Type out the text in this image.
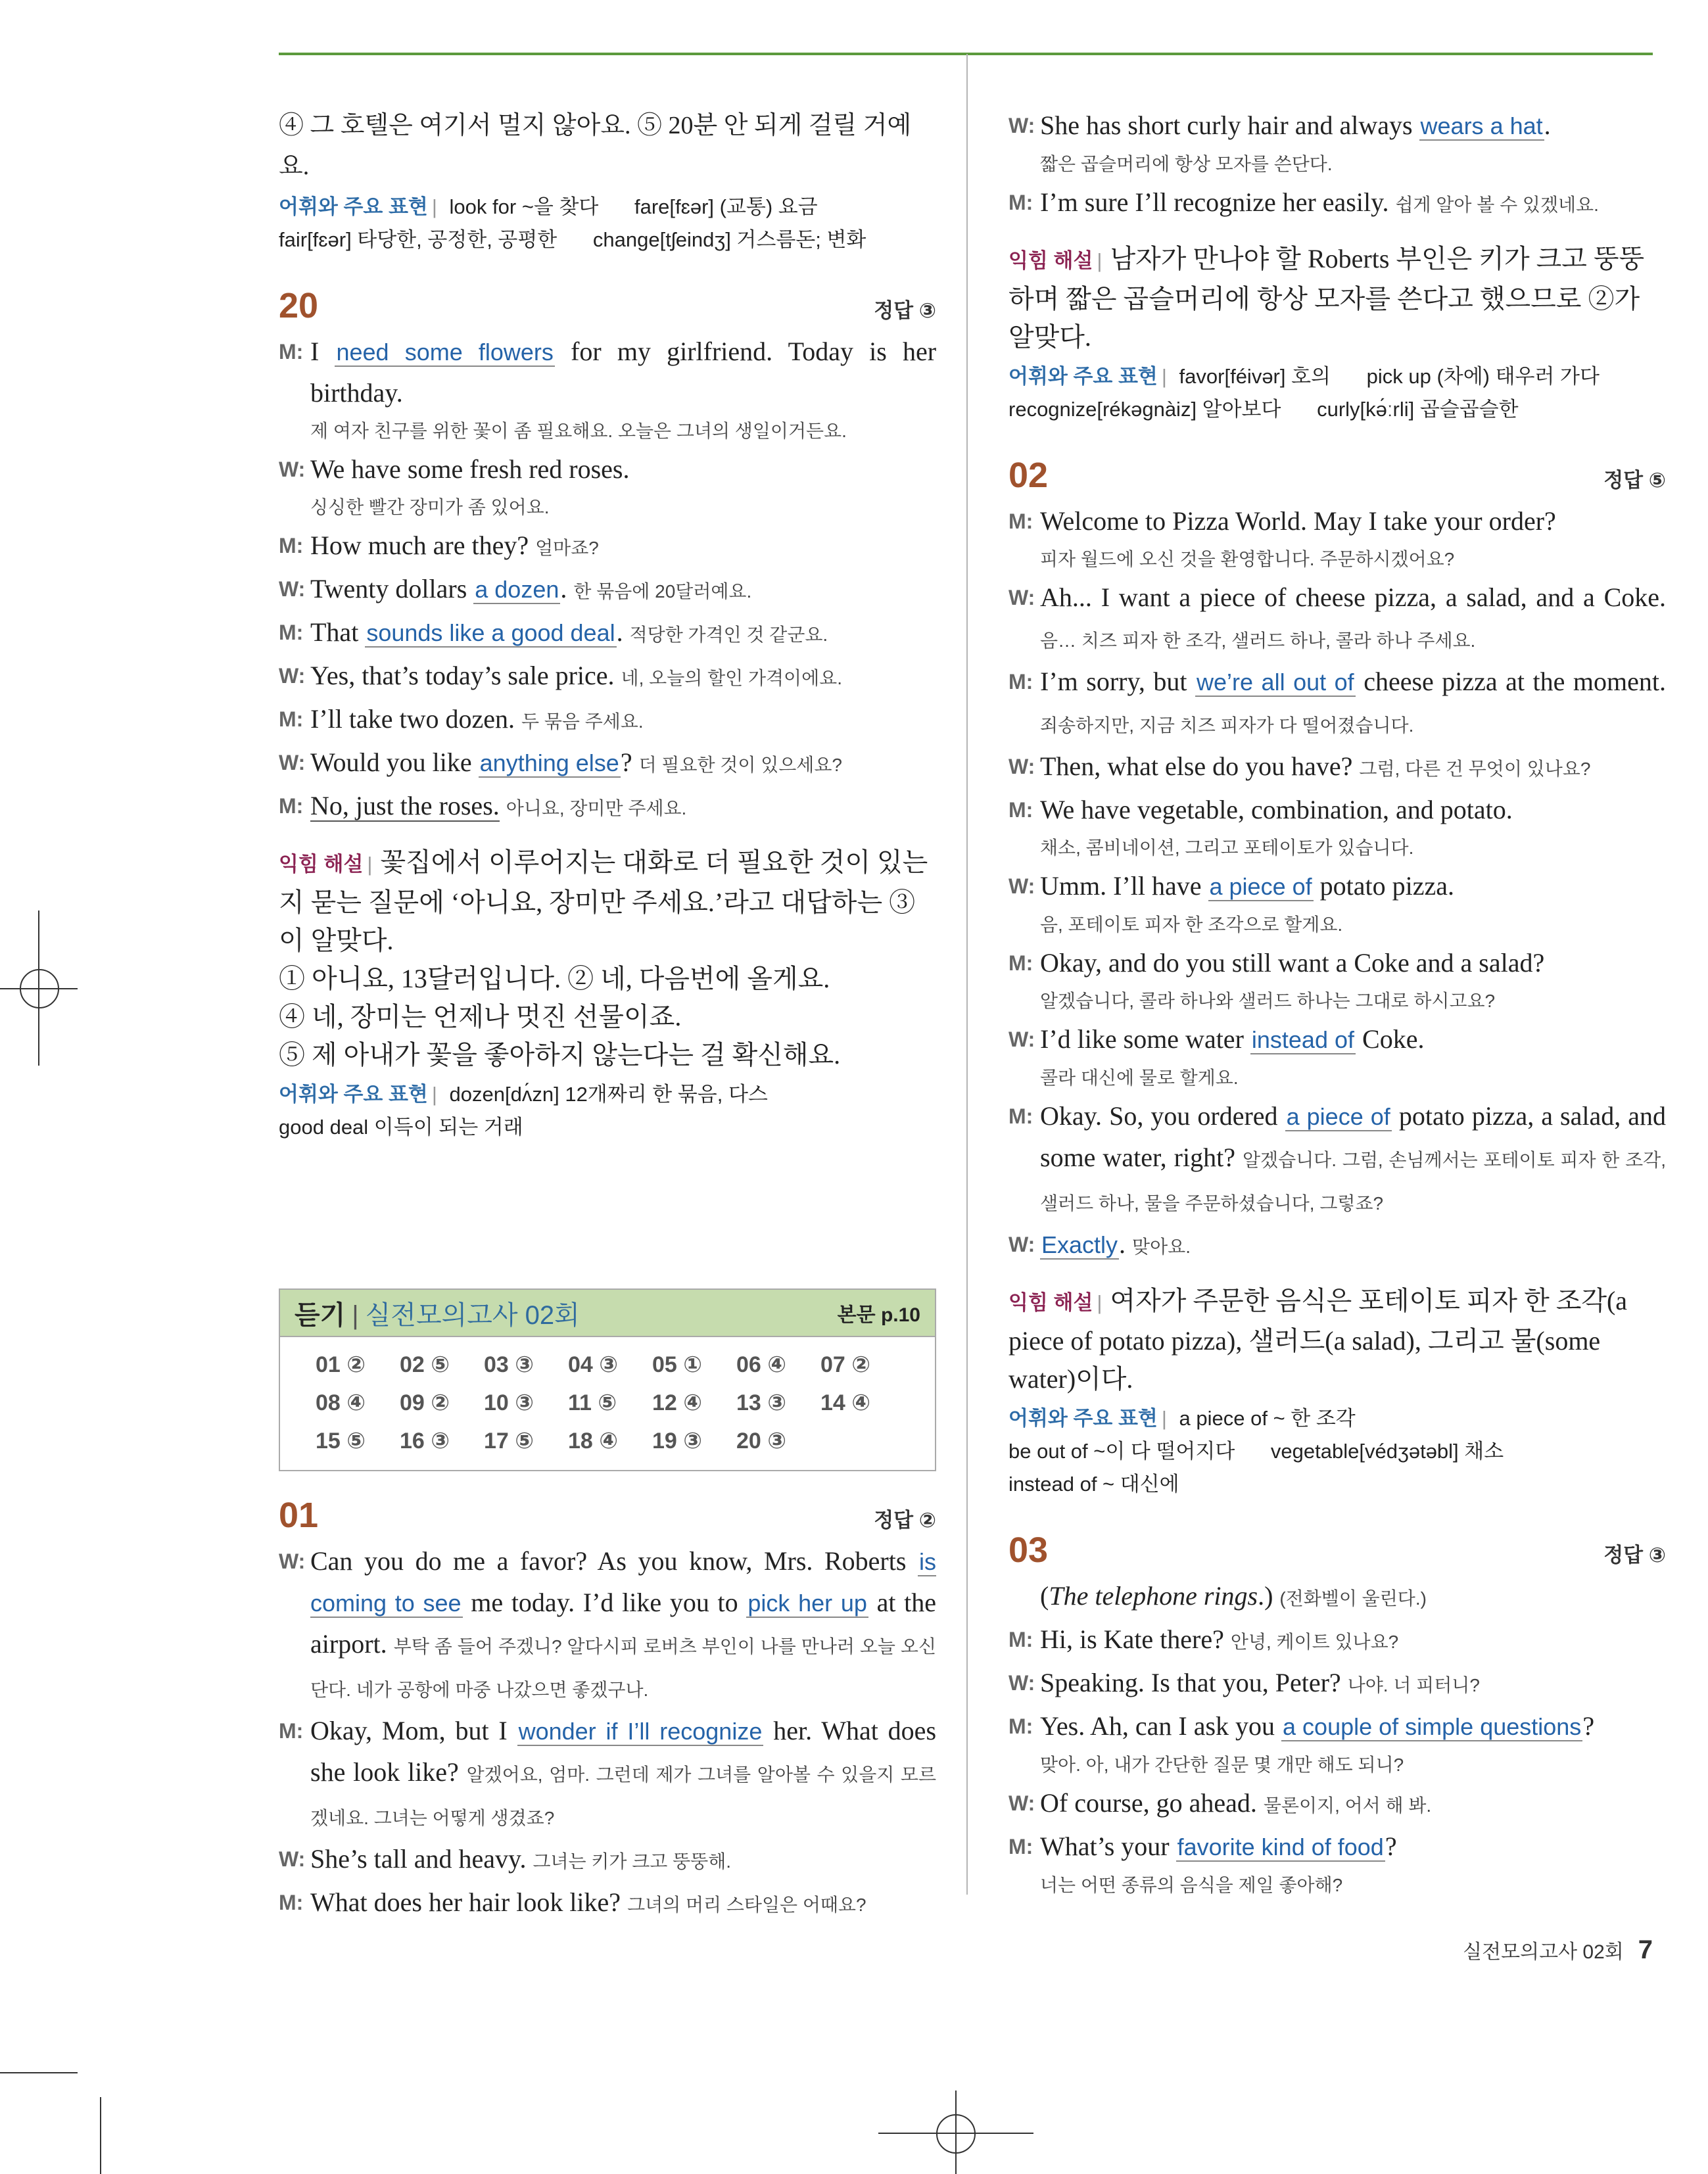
④ 그 호텔은 여기서 멀지 않아요. ⑤ 20분 안 되게 걸릴 거예요.
어휘와 주요 표현 | look for ~을 찾다 fare[fɛər] (교통) 요금
fair[fɛər] 타당한, 공정한, 공평한 change[tʃeindʒ] 거스름돈; 변화
20	정답 ③
M: I need some flowers for my girlfriend. Today is her birthday.
제 여자 친구를 위한 꽃이 좀 필요해요. 오늘은 그녀의 생일이거든요.
W: We have some fresh red roses.
싱싱한 빨간 장미가 좀 있어요.
M: How much are they? 얼마죠?
W: Twenty dollars a dozen. 한 묶음에 20달러예요.
M: That sounds like a good deal. 적당한 가격인 것 같군요.
W: Yes, that’s today’s sale price. 네, 오늘의 할인 가격이에요.
M: I’ll take two dozen. 두 묶음 주세요.
W: Would you like anything else? 더 필요한 것이 있으세요?
M: No, just the roses. 아니요, 장미만 주세요.
익힘 해설 | 꽃집에서 이루어지는 대화로 더 필요한 것이 있는지 묻는 질문에 ‘아니요, 장미만 주세요.’라고 대답하는 ③이 알맞다.
① 아니요, 13달러입니다. ② 네, 다음번에 올게요.
④ 네, 장미는 언제나 멋진 선물이죠.
⑤ 제 아내가 꽃을 좋아하지 않는다는 걸 확신해요.
어휘와 주요 표현 | dozen[dʌ́zn] 12개짜리 한 묶음, 다스
good deal 이득이 되는 거래
듣기 | 실전모의고사 02회	본문 p.10
01 ②	02 ⑤	03 ③	04 ③	05 ①	06 ④	07 ②
08 ④	09 ②	10 ③	11 ⑤	12 ④	13 ③	14 ④
15 ⑤	16 ③	17 ⑤	18 ④	19 ③	20 ③
01	정답 ②
W: Can you do me a favor? As you know, Mrs. Roberts is coming to see me today. I’d like you to pick her up at the airport. 부탁 좀 들어 주겠니? 알다시피 로버츠 부인이 나를 만나러 오늘 오신단다. 네가 공항에 마중 나갔으면 좋겠구나.
M: Okay, Mom, but I wonder if I’ll recognize her. What does she look like? 알겠어요, 엄마. 그런데 제가 그녀를 알아볼 수 있을지 모르겠네요. 그녀는 어떻게 생겼죠?
W: She’s tall and heavy. 그녀는 키가 크고 뚱뚱해.
M: What does her hair look like? 그녀의 머리 스타일은 어때요?
W: She has short curly hair and always wears a hat.
짧은 곱슬머리에 항상 모자를 쓴단다.
M: I’m sure I’ll recognize her easily. 쉽게 알아 볼 수 있겠네요.
익힘 해설 | 남자가 만나야 할 Roberts 부인은 키가 크고 뚱뚱하며 짧은 곱슬머리에 항상 모자를 쓴다고 했으므로 ②가 알맞다.
어휘와 주요 표현 | favor[féivər] 호의 pick up (차에) 태우러 가다
recognize[rékəgnàiz] 알아보다 curly[kə́ːrli] 곱슬곱슬한
02	정답 ⑤
M: Welcome to Pizza World. May I take your order?
피자 월드에 오신 것을 환영합니다. 주문하시겠어요?
W: Ah... I want a piece of cheese pizza, a salad, and a Coke. 음… 치즈 피자 한 조각, 샐러드 하나, 콜라 하나 주세요.
M: I’m sorry, but we’re all out of cheese pizza at the moment. 죄송하지만, 지금 치즈 피자가 다 떨어졌습니다.
W: Then, what else do you have? 그럼, 다른 건 무엇이 있나요?
M: We have vegetable, combination, and potato.
채소, 콤비네이션, 그리고 포테이토가 있습니다.
W: Umm. I’ll have a piece of potato pizza.
음, 포테이토 피자 한 조각으로 할게요.
M: Okay, and do you still want a Coke and a salad?
알겠습니다, 콜라 하나와 샐러드 하나는 그대로 하시고요?
W: I’d like some water instead of Coke.
콜라 대신에 물로 할게요.
M: Okay. So, you ordered a piece of potato pizza, a salad, and some water, right? 알겠습니다. 그럼, 손님께서는 포테이토 피자 한 조각, 샐러드 하나, 물을 주문하셨습니다, 그렇죠?
W: Exactly. 맞아요.
익힘 해설 | 여자가 주문한 음식은 포테이토 피자 한 조각(a piece of potato pizza), 샐러드(a salad), 그리고 물(some water)이다.
어휘와 주요 표현 | a piece of ~ 한 조각
be out of ~이 다 떨어지다 vegetable[védʒətəbl] 채소
instead of ~ 대신에
03	정답 ③
(The telephone rings.) (전화벨이 울린다.)
M: Hi, is Kate there? 안녕, 케이트 있나요?
W: Speaking. Is that you, Peter? 나야. 너 피터니?
M: Yes. Ah, can I ask you a couple of simple questions?
맞아. 아, 내가 간단한 질문 몇 개만 해도 되니?
W: Of course, go ahead. 물론이지, 어서 해 봐.
M: What’s your favorite kind of food?
너는 어떤 종류의 음식을 제일 좋아해?
실전모의고사 02회 7
